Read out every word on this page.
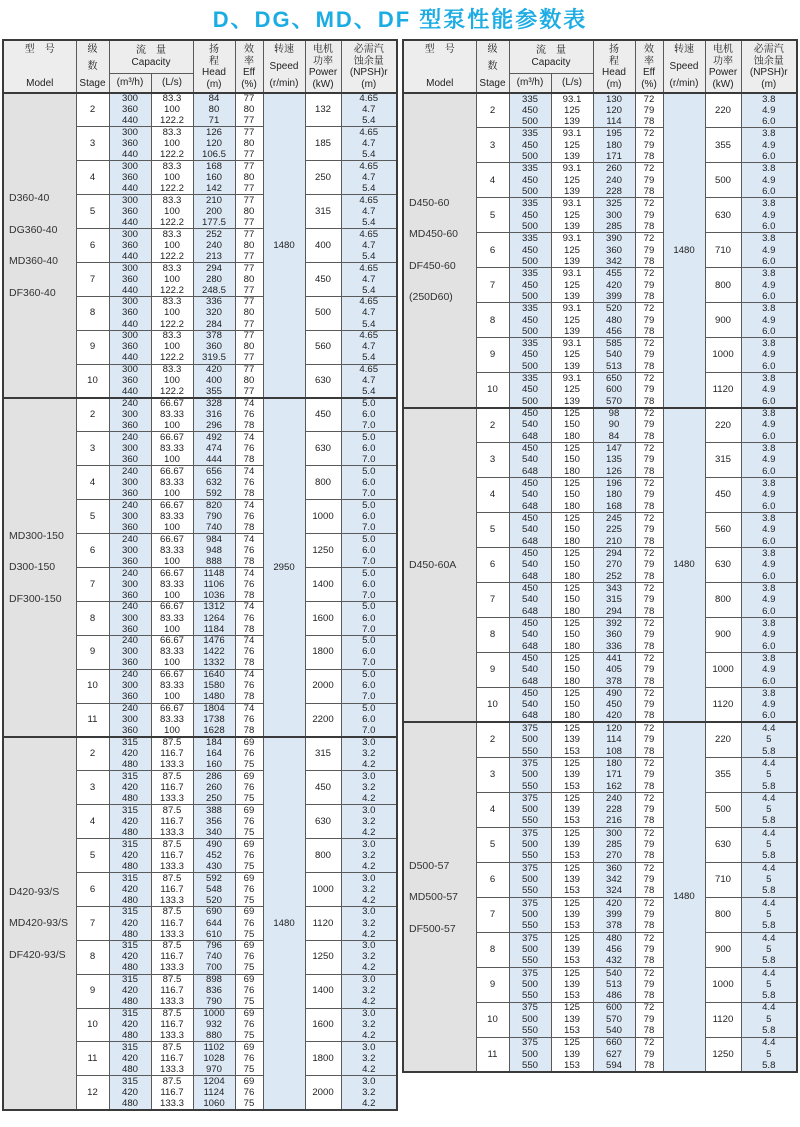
D、DG、MD、DF 型泵性能参数表
型　号
Model	级
数
Stage	流　量
Capacity		扬
程
Head
(m)	效
率
Eff
(%)	转速
Speed
(r/min)	电机
功率
Power
(kW)	必需汽
蚀余量
(NPSH)r
(m)

		(m³/h)	(L/s)					

D360-40
DG360-40
MD360-40
DF360-40	2	300	83.3	84	77	1480	132	4.65
		360	100	80	80			4.7
		440	122.2	71	77			5.4
	3	300	83.3	126	77		185	4.65
		360	100	120	80			4.7
		440	122.2	106.5	77			5.4
	4	300	83.3	168	77		250	4.65
		360	100	160	80			4.7
		440	122.2	142	77			5.4
	5	300	83.3	210	77		315	4.65
		360	100	200	80			4.7
		440	122.2	177.5	77			5.4
	6	300	83.3	252	77		400	4.65
		360	100	240	80			4.7
		440	122.2	213	77			5.4
	7	300	83.3	294	77		450	4.65
		360	100	280	80			4.7
		440	122.2	248.5	77			5.4
	8	300	83.3	336	77		500	4.65
		360	100	320	80			4.7
		440	122.2	284	77			5.4
	9	300	83.3	378	77		560	4.65
		360	100	360	80			4.7
		440	122.2	319.5	77			5.4
	10	300	83.3	420	77		630	4.65
		360	100	400	80			4.7
		440	122.2	355	77			5.4

MD300-150
D300-150
DF300-150	2	240	66.67	328	74	2950	450	5.0
		300	83.33	316	76			6.0
		360	100	296	78			7.0
	3	240	66.67	492	74		630	5.0
		300	83.33	474	76			6.0
		360	100	444	78			7.0
	4	240	66.67	656	74		800	5.0
		300	83.33	632	76			6.0
		360	100	592	78			7.0
	5	240	66.67	820	74		1000	5.0
		300	83.33	790	76			6.0
		360	100	740	78			7.0
	6	240	66.67	984	74		1250	5.0
		300	83.33	948	76			6.0
		360	100	888	78			7.0
	7	240	66.67	1148	74		1400	5.0
		300	83.33	1106	76			6.0
		360	100	1036	78			7.0
	8	240	66.67	1312	74		1600	5.0
		300	83.33	1264	76			6.0
		360	100	1184	78			7.0
	9	240	66.67	1476	74		1800	5.0
		300	83.33	1422	76			6.0
		360	100	1332	78			7.0
	10	240	66.67	1640	74		2000	5.0
		300	83.33	1580	76			6.0
		360	100	1480	78			7.0
	11	240	66.67	1804	74		2200	5.0
		300	83.33	1738	76			6.0
		360	100	1628	78			7.0

D420-93/S
MD420-93/S
DF420-93/S	2	315	87.5	184	69	1480	315	3.0
		420	116.7	164	76			3.2
		480	133.3	160	75			4.2
	3	315	87.5	286	69		450	3.0
		420	116.7	260	76			3.2
		480	133.3	250	75			4.2
	4	315	87.5	388	69		630	3.0
		420	116.7	356	76			3.2
		480	133.3	340	75			4.2
	5	315	87.5	490	69		800	3.0
		420	116.7	452	76			3.2
		480	133.3	430	75			4.2
	6	315	87.5	592	69		1000	3.0
		420	116.7	548	76			3.2
		480	133.3	520	75			4.2
	7	315	87.5	690	69		1120	3.0
		420	116.7	644	76			3.2
		480	133.3	610	75			4.2
	8	315	87.5	796	69		1250	3.0
		420	116.7	740	76			3.2
		480	133.3	700	75			4.2
	9	315	87.5	898	69		1400	3.0
		420	116.7	836	76			3.2
		480	133.3	790	75			4.2
	10	315	87.5	1000	69		1600	3.0
		420	116.7	932	76			3.2
		480	133.3	880	75			4.2
	11	315	87.5	1102	69		1800	3.0
		420	116.7	1028	76			3.2
		480	133.3	970	75			4.2
	12	315	87.5	1204	69		2000	3.0
		420	116.7	1124	76			3.2
		480	133.3	1060	75			4.2
型　号
Model	级
数
Stage	流　量
Capacity		扬
程
Head
(m)	效
率
Eff
(%)	转速
Speed
(r/min)	电机
功率
Power
(kW)	必需汽
蚀余量
(NPSH)r
(m)

		(m³/h)	(L/s)					

D450-60
MD450-60
DF450-60
(250D60)	2	335	93.1	130	72	1480	220	3.8
		450	125	120	79			4.9
		500	139	114	78			6.0
	3	335	93.1	195	72		355	3.8
		450	125	180	79			4.9
		500	139	171	78			6.0
	4	335	93.1	260	72		500	3.8
		450	125	240	79			4.9
		500	139	228	78			6.0
	5	335	93.1	325	72		630	3.8
		450	125	300	79			4.9
		500	139	285	78			6.0
	6	335	93.1	390	72		710	3.8
		450	125	360	79			4.9
		500	139	342	78			6.0
	7	335	93.1	455	72		800	3.8
		450	125	420	79			4.9
		500	139	399	78			6.0
	8	335	93.1	520	72		900	3.8
		450	125	480	79			4.9
		500	139	456	78			6.0
	9	335	93.1	585	72		1000	3.8
		450	125	540	79			4.9
		500	139	513	78			6.0
	10	335	93.1	650	72		1120	3.8
		450	125	600	79			4.9
		500	139	570	78			6.0

D450-60A	2	450	125	98	72	1480	220	3.8
		540	150	90	79			4.9
		648	180	84	78			6.0
	3	450	125	147	72		315	3.8
		540	150	135	79			4.9
		648	180	126	78			6.0
	4	450	125	196	72		450	3.8
		540	150	180	79			4.9
		648	180	168	78			6.0
	5	450	125	245	72		560	3.8
		540	150	225	79			4.9
		648	180	210	78			6.0
	6	450	125	294	72		630	3.8
		540	150	270	79			4.9
		648	180	252	78			6.0
	7	450	125	343	72		800	3.8
		540	150	315	79			4.9
		648	180	294	78			6.0
	8	450	125	392	72		900	3.8
		540	150	360	79			4.9
		648	180	336	78			6.0
	9	450	125	441	72		1000	3.8
		540	150	405	79			4.9
		648	180	378	78			6.0
	10	450	125	490	72		1120	3.8
		540	150	450	79			4.9
		648	180	420	78			6.0

D500-57
MD500-57
DF500-57	2	375	125	120	72	1480	220	4.4
		500	139	114	79			5
		550	153	108	78			5.8
	3	375	125	180	72		355	4.4
		500	139	171	79			5
		550	153	162	78			5.8
	4	375	125	240	72		500	4.4
		500	139	228	79			5
		550	153	216	78			5.8
	5	375	125	300	72		630	4.4
		500	139	285	79			5
		550	153	270	78			5.8
	6	375	125	360	72		710	4.4
		500	139	342	79			5
		550	153	324	78			5.8
	7	375	125	420	72		800	4.4
		500	139	399	79			5
		550	153	378	78			5.8
	8	375	125	480	72		900	4.4
		500	139	456	79			5
		550	153	432	78			5.8
	9	375	125	540	72		1000	4.4
		500	139	513	79			5
		550	153	486	78			5.8
	10	375	125	600	72		1120	4.4
		500	139	570	79			5
		550	153	540	78			5.8
	11	375	125	660	72		1250	4.4
		500	139	627	79			5
		550	153	594	78			5.8
